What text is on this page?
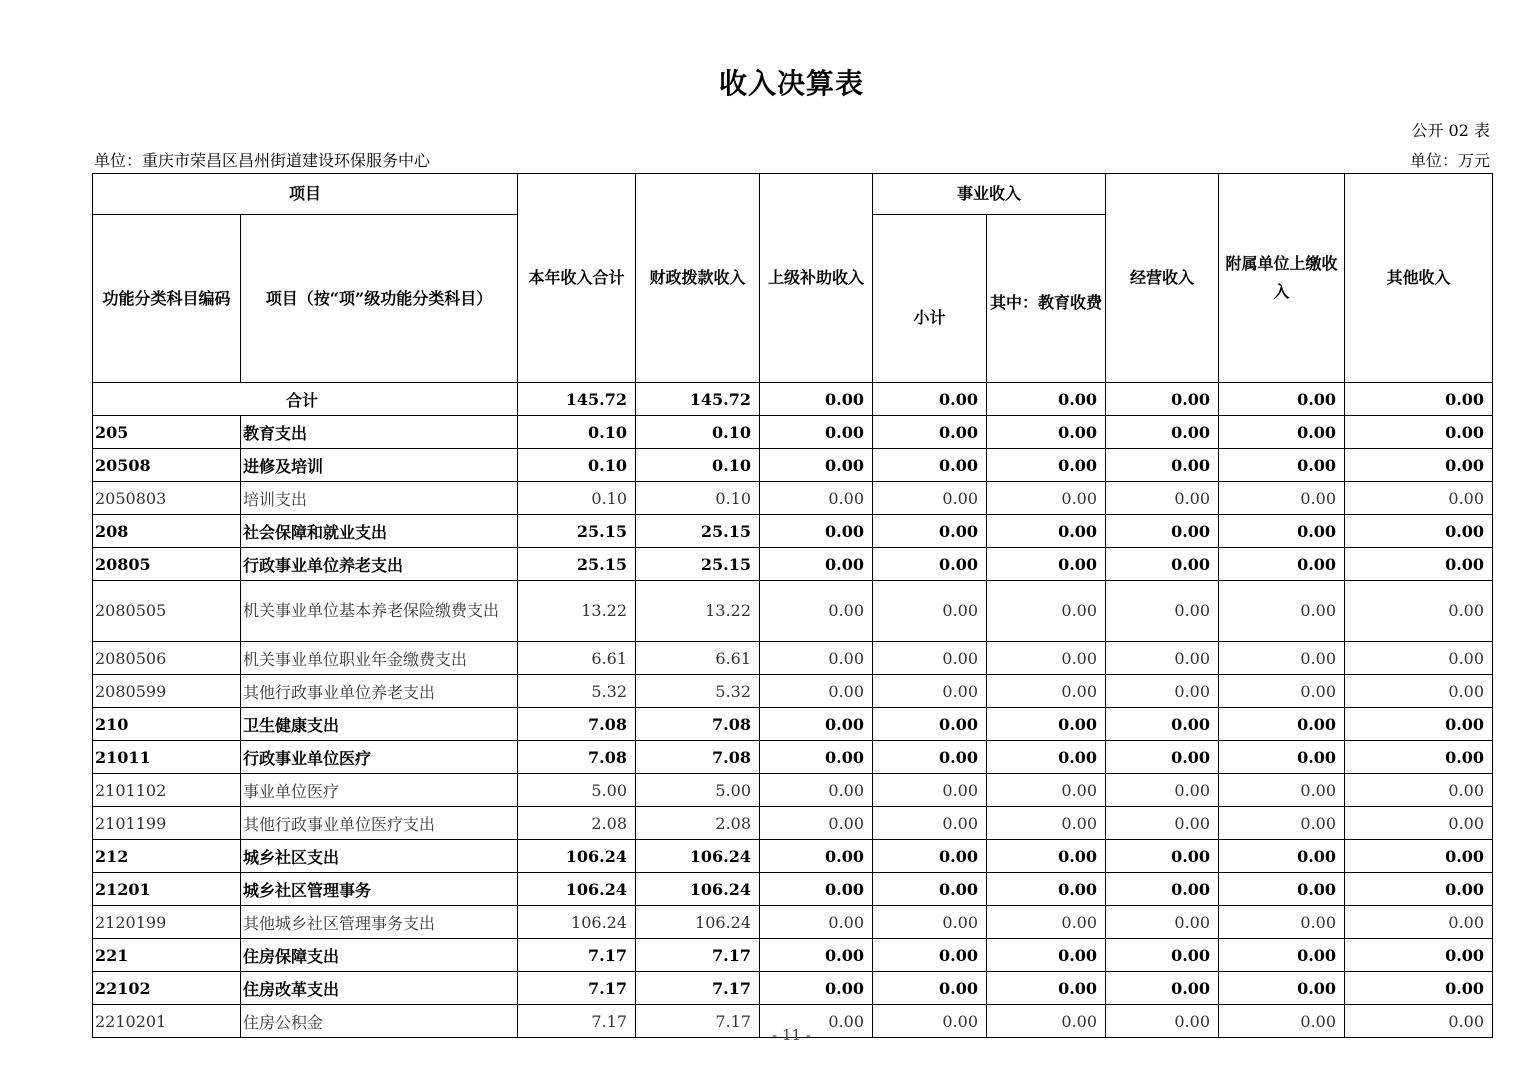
收入决算表
公开 02 表
单位：重庆市荣昌区昌州街道建设环保服务中心	单位：万元
项目		本年收入合计	财政拨款收入	上级补助收入	事业收入		经营收入	附属单位上缴收入	其他收入
功能分类科目编码	项目（按“项”级功能分类科目）				小计	其中：教育收费			
合计		145.72	145.72	0.00	0.00	0.00	0.00	0.00	0.00
205	教育支出	0.10	0.10	0.00	0.00	0.00	0.00	0.00	0.00
20508	进修及培训	0.10	0.10	0.00	0.00	0.00	0.00	0.00	0.00
2050803	培训支出	0.10	0.10	0.00	0.00	0.00	0.00	0.00	0.00
208	社会保障和就业支出	25.15	25.15	0.00	0.00	0.00	0.00	0.00	0.00
20805	行政事业单位养老支出	25.15	25.15	0.00	0.00	0.00	0.00	0.00	0.00
2080505	机关事业单位基本养老保险缴费支出	13.22	13.22	0.00	0.00	0.00	0.00	0.00	0.00
2080506	机关事业单位职业年金缴费支出	6.61	6.61	0.00	0.00	0.00	0.00	0.00	0.00
2080599	其他行政事业单位养老支出	5.32	5.32	0.00	0.00	0.00	0.00	0.00	0.00
210	卫生健康支出	7.08	7.08	0.00	0.00	0.00	0.00	0.00	0.00
21011	行政事业单位医疗	7.08	7.08	0.00	0.00	0.00	0.00	0.00	0.00
2101102	事业单位医疗	5.00	5.00	0.00	0.00	0.00	0.00	0.00	0.00
2101199	其他行政事业单位医疗支出	2.08	2.08	0.00	0.00	0.00	0.00	0.00	0.00
212	城乡社区支出	106.24	106.24	0.00	0.00	0.00	0.00	0.00	0.00
21201	城乡社区管理事务	106.24	106.24	0.00	0.00	0.00	0.00	0.00	0.00
2120199	其他城乡社区管理事务支出	106.24	106.24	0.00	0.00	0.00	0.00	0.00	0.00
221	住房保障支出	7.17	7.17	0.00	0.00	0.00	0.00	0.00	0.00
22102	住房改革支出	7.17	7.17	0.00	0.00	0.00	0.00	0.00	0.00
2210201	住房公积金	7.17	7.17	0.00	0.00	0.00	0.00	0.00	0.00
- 11 -
